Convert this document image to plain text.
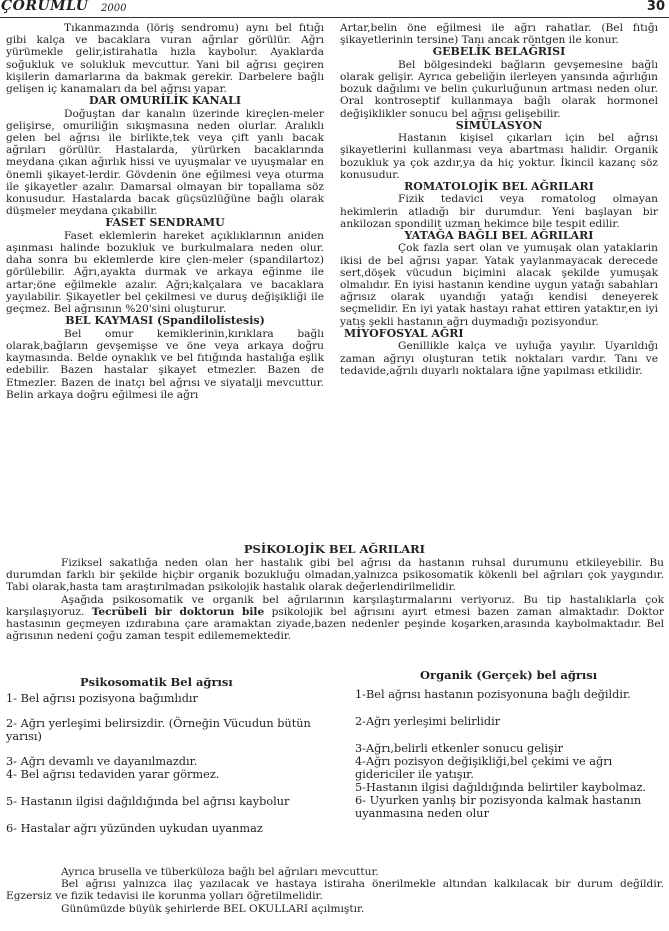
ÇORUMLU 2000	30

Tıkanmazında (löriş sendromu) aynı bel fıtığı gibi kalça ve bacaklara vuran ağrılar görülür. Ağrı yürümekle gelir,istirahatla hızla kaybolur. Ayaklarda soğukluk ve solukluk mevcuttur. Yani bil ağrısı geçiren kişilerin damarlarına da bakmak gerekir. Darbelere bağlı gelişen iç kanamaları da bel ağrısı yapar.

DAR OMURİLİK KANALI

Doğuştan dar kanalın üzerinde kireçlen-meler gelişirse, omuriliğin sıkışmasına neden olurlar. Aralıklı gelen bel ağrısı ile birlikte,tek veya çift yanlı bacak ağrıları görülür. Hastalarda, yürürken bacaklarında meydana çıkan ağırlık hissi ve uyuşmalar ve uyuşmalar en önemli şikayet-lerdir. Gövdenin öne eğilmesi veya oturma ile şikayetler azalır. Damarsal olmayan bir topallama söz konusudur. Hastalarda bacak güçsüzlüğüne bağlı olarak düşmeler meydana çıkabilir.

FASET SENDRAMU

Faset eklemlerin hareket açıklıklarının aniden aşınması halinde bozukluk ve burkulmalara neden olur. daha sonra bu eklemlerde kire çlen-meler (spandilartoz) görülebilir. Ağrı,ayakta durmak ve arkaya eğinme ile artar;öne eğilmekle azalır. Ağrı;kalçalara ve bacaklara yayılabilir. Şikayetler bel çekilmesi ve duruş değişikliği ile geçmez. Bel ağrısının %20'sini oluşturur.

BEL KAYMASI (Spandilolistesis)

Bel omur kemiklerinin,kırıklara bağlı olarak,bağların gevşemişse ve öne veya arkaya doğru kaymasında. Belde oynaklık ve bel fıtığında hastalığa eşlik edebilir. Bazen hastalar şikayet etmezler. Bazen de Etmezler. Bazen de inatçı bel ağrısı ve siyatalji mevcuttur. Belin arkaya doğru eğilmesi ile ağrı

Artar,belin öne eğilmesi ile ağrı rahatlar. (Bel fıtığı şikayetlerinin tersine) Tanı ancak röntgen ile konur.

GEBELİK BELAĞRISI

Bel bölgesindeki bağların gevşemesine bağlı olarak gelişir. Ayrıca gebeliğin ilerleyen yansında ağırlığın bozuk dağılımı ve belin çukurluğunun artması neden olur. Oral kontroseptif kullanmaya bağlı olarak hormonel değişiklikler sonucu bel ağrısı gelişebilir.

SİMÜLASYON

Hastanın kişisel çıkarları için bel ağrısı şikayetlerini kullanması veya abartması halidir. Organik bozukluk ya çok azdır,ya da hiç yoktur. İkincil kazanç söz konusudur.

ROMATOLOJİK BEL AĞRILARI

Fizik tedavici veya romatolog olmayan hekimlerin atladığı bir durumdur. Yeni başlayan bir ankilozan spondilit uzman hekimce bile tespit edilir.

YATAĞA BAĞLI BEL AĞRILARI

Çok fazla sert olan ve yumuşak olan yataklarin ikisi de bel ağrısı yapar. Yatak yaylanmayacak derecede sert,döşek vücudun biçimini alacak şekilde yumuşak olmalıdır. En iyisi hastanın kendine uygun yatağı sabahları ağrısız olarak uyandığı yatağı kendisi deneyerek seçmelidir. En iyi yatak hastayı rahat ettiren yataktır,en iyi yatış şekli hastanın ağrı duymadığı pozisyondur.

MİYOFOSYAL AĞRI

Genillikle kalça ve uyluğa yayılır. Uyarıldığı zaman ağrıyı oluşturan tetik noktaları vardır. Tanı ve tedavide,ağrılı duyarlı noktalara iğne yapılması etkilidir.

PSİKOLOJİK BEL AĞRILARI

Fiziksel sakatlığa neden olan her hastalık gibi bel ağrısı da hastanın ruhsal durumunu etkileyebilir. Bu durumdan farklı bir şekilde hiçbir organik bozukluğu olmadan,yalnızca psikosomatik kökenli bel ağrıları çok yaygındır. Tabi olarak,hasta tam araştırılmadan psikolojik hastalık olarak değerlendirilmelidir.

Aşağıda psikosomatik ve organik bel ağrılarının karşılaştırmalarını veriyoruz. Bu tip hastalıklarla çok karşılaşıyoruz. Tecrübeli bir doktorun bile psikolojik bel ağrısını ayırt etmesi bazen zaman almaktadır. Doktor hastasının geçmeyen ızdırabına çare aramaktan ziyade,bazen nedenler peşinde koşarken,arasında kaybolmaktadır. Bel ağrısının nedeni çoğu zaman tespit edilememektedir.

Psikosomatik Bel ağrısı	Organik (Gerçek) bel ağrısı
1- Bel ağrısı pozisyona bağımlıdır
2- Ağrı yerleşimi belirsizdir. (Örneğin Vücudun bütün yarısı)
3- Ağrı devamlı ve dayanılmazdır.
4- Bel ağrısı tedaviden yarar görmez.
5- Hastanın ilgisi dağıldığında bel ağrısı kaybolur
6- Hastalar ağrı yüzünden uykudan uyanmaz
1-Bel ağrısı hastanın pozisyonuna bağlı değildir.
2-Ağrı yerleşimi belirlidir
3-Ağrı,belirli etkenler sonucu gelişir
4-Ağrı pozisyon değişikliği,bel çekimi ve ağrı gidericiler ile yatışır.
5-Hastanın ilgisi dağıldığında belirtiler kaybolmaz.
6- Uyurken yanlış bir pozisyonda kalmak hastanın uyanmasına neden olur

Ayrıca brusella ve tüberküloza bağlı bel ağrıları mevcuttur.

Bel ağrısı yalnızca ilaç yazılacak ve hastaya istiraha önerilmekle altından kalkılacak bir durum değildir. Egzersiz ve fizik tedavisi ile korunma yolları öğretilmelidir.

Günümüzde büyük şehirlerde BEL OKULLARI açılmıştır.
